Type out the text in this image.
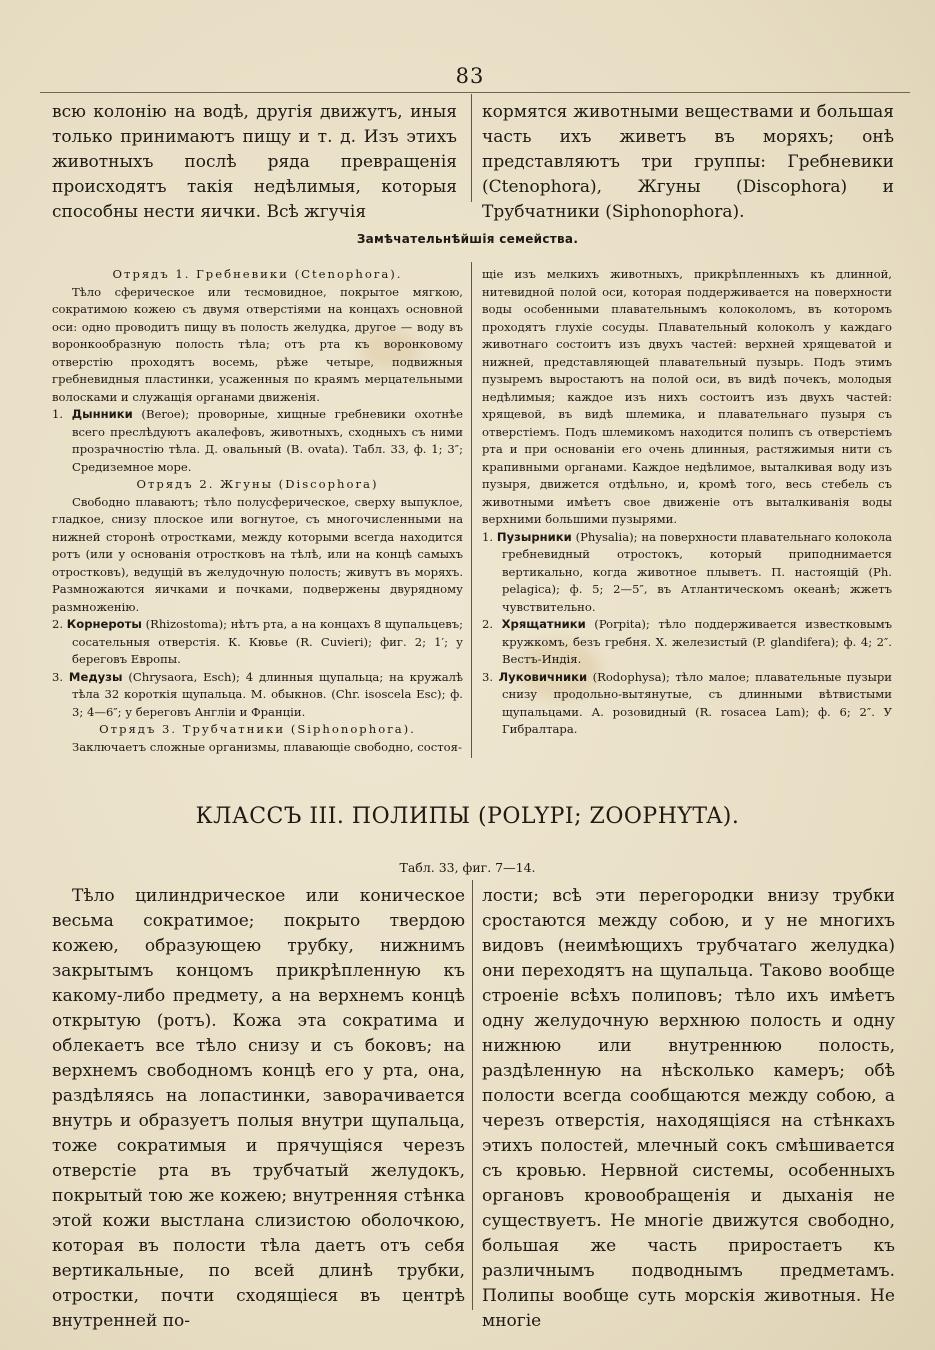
83

всю колонію на водѣ, другія движутъ, иныя только принимаютъ пищу и т. д. Изъ этихъ животныхъ послѣ ряда превращенія происходятъ такія недѣлимыя, которыя способны нести яички. Всѣ жгучія

кормятся животными веществами и большая часть ихъ живетъ въ моряхъ; онѣ представляютъ три группы: Гребневики (Ctenophora), Жгуны (Discophora) и Трубчатники (Siphonophora).

Замѣчательнѣйшія семейства.

Отрядъ 1. Гребневики (Ctenophora).

Тѣло сферическое или тесмовидное, покрытое мягкою, сократимою кожею съ двумя отверстіями на концахъ основной оси: одно проводитъ пищу въ полость желудка, другое — воду въ воронкообразную полость тѣла; отъ рта къ воронковому отверстію проходятъ восемь, рѣже четыре, подвижныя гребневидныя пластинки, усаженныя по краямъ мерцательными волосками и служащія органами движенія.

1. Дынники (Beroe); проворные, хищные гребневики охотнѣе всего преслѣдуютъ акалефовъ, животныхъ, сходныхъ съ ними прозрачностію тѣла. Д. овальный (B. ovata). Табл. 33, ф. 1; 3″; Средиземное море.

Отрядъ 2. Жгуны (Discophora)

Свободно плаваютъ; тѣло полусферическое, сверху выпуклое, гладкое, снизу плоское или вогнутое, съ многочисленными на нижней сторонѣ отростками, между которыми всегда находится ротъ (или у основанія отростковъ на тѣлѣ, или на концѣ самыхъ отростковъ), ведущій въ желудочную полость; живутъ въ моряхъ. Размножаются яичками и почками, подвержены двурядному размноженію.

2. Корнероты (Rhizostoma); нѣтъ рта, а на концахъ 8 щупальцевъ; сосательныя отверстія. К. Кювье (R. Cuvieri); фиг. 2; 1′; у береговъ Европы.

3. Медузы (Chrysaora, Esch); 4 длинныя щупальца; на кружалѣ тѣла 32 короткія щупальца. М. обыкнов. (Chr. isoscela Esc); ф. 3; 4—6″; у береговъ Англіи и Франціи.

Отрядъ 3. Трубчатники (Siphonophora).

Заключаетъ сложные организмы, плавающіе свободно, состоя-

щіе изъ мелкихъ животныхъ, прикрѣпленныхъ къ длинной, нитевидной полой оси, которая поддерживается на поверхности воды особенными плавательнымъ колоколомъ, въ которомъ проходятъ глухіе сосуды. Плавательный колоколъ у каждаго животнаго состоитъ изъ двухъ частей: верхней хрящеватой и нижней, представляющей плавательный пузырь. Подъ этимъ пузыремъ выростаютъ на полой оси, въ видѣ почекъ, молодыя недѣлимыя; каждое изъ нихъ состоитъ изъ двухъ частей: хрящевой, въ видѣ шлемика, и плавательнаго пузыря съ отверстіемъ. Подъ шлемикомъ находится полипъ съ отверстіемъ рта и при основаніи его очень длинныя, растяжимыя нити съ крапивными органами. Каждое недѣлимое, выталкивая воду изъ пузыря, движется отдѣльно, и, кромѣ того, весь стебель съ животными имѣетъ свое движеніе отъ выталкиванія воды верхними большими пузырями.

1. Пузырники (Physalia); на поверхности плавательнаго колокола гребневидный отростокъ, который приподнимается вертикально, когда животное плыветъ. П. настоящій (Ph. pelagica); ф. 5; 2—5″, въ Атлантическомъ океанѣ; жжетъ чувствительно.

2. Хрящатники (Porpita); тѣло поддерживается известковымъ кружкомъ, безъ гребня. Х. железистый (P. glandifera); ф. 4; 2″. Вестъ-Индія.

3. Луковичники (Rodophysa); тѣло малое; плавательные пузыри снизу продольно-вытянутые, съ длинными вѣтвистыми щупальцами. А. розовидный (R. rosacea Lam); ф. 6; 2″. У Гибралтара.

КЛАССЪ III. ПОЛИПЫ (POLYPI; ZOOPHYTA).
Табл. 33, фиг. 7—14.

Тѣло цилиндрическое или коническое весьма сократимое; покрыто твердою кожею, образующею трубку, нижнимъ закрытымъ концомъ прикрѣпленную къ какому-либо предмету, а на верхнемъ концѣ открытую (ротъ). Кожа эта сократима и облекаетъ все тѣло снизу и съ боковъ; на верхнемъ свободномъ концѣ его у рта, она, раздѣляясь на лопастинки, заворачивается внутрь и образуетъ полыя внутри щупальца, тоже сократимыя и прячущіяся черезъ отверстіе рта въ трубчатый желудокъ, покрытый тою же кожею; внутренняя стѣнка этой кожи выстлана слизистою оболочкою, которая въ полости тѣла даетъ отъ себя вертикальные, по всей длинѣ трубки, отростки, почти сходящіеся въ центрѣ внутренней по-

лости; всѣ эти перегородки внизу трубки сростаются между собою, и у не многихъ видовъ (неимѣющихъ трубчатаго желудка) они переходятъ на щупальца. Таково вообще строеніе всѣхъ полиповъ; тѣло ихъ имѣетъ одну желудочную верхнюю полость и одну нижнюю или внутреннюю полость, раздѣленную на нѣсколько камеръ; обѣ полости всегда сообщаются между собою, а черезъ отверстія, находящіяся на стѣнкахъ этихъ полостей, млечный сокъ смѣшивается съ кровью. Нервной системы, особенныхъ органовъ кровообращенія и дыханія не существуетъ. Не многіе движутся свободно, большая же часть приростаетъ къ различнымъ подводнымъ предметамъ. Полипы вообще суть морскія животныя. Не многіе
